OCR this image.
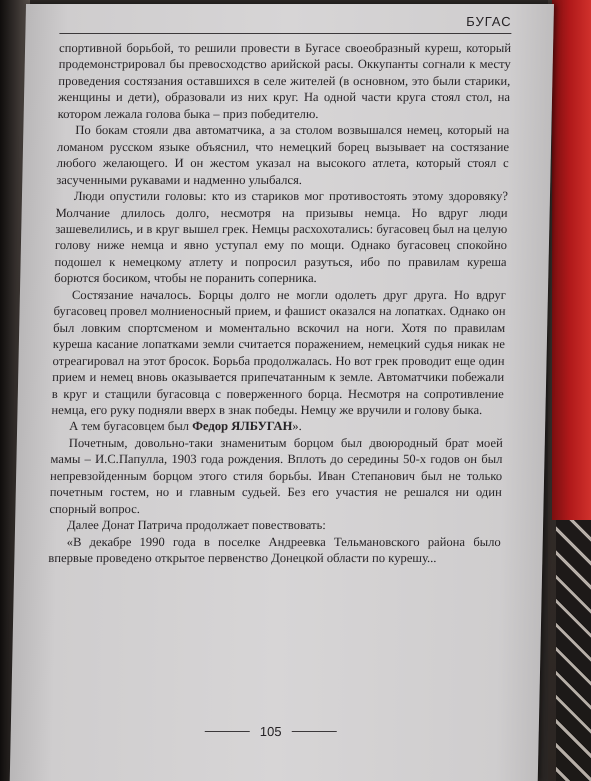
БУГАС

спортивной борьбой, то решили провести в Бугасе своеобразный куреш, который продемонстрировал бы превосходство арийской расы. Оккупанты согнали к месту проведения состязания оставшихся в селе жителей (в основном, это были старики, женщины и дети), образовали из них круг. На одной части круга стоял стол, на котором лежала голова быка – приз победителю.

По бокам стояли два автоматчика, а за столом возвышался немец, который на ломаном русском языке объяснил, что немецкий борец вызывает на состязание любого желающего. И он жестом указал на высокого атлета, который стоял с засученными рукавами и надменно улыбался.

Люди опустили головы: кто из стариков мог противостоять этому здоровяку? Молчание длилось долго, несмотря на призывы немца. Но вдруг люди зашевелились, и в круг вышел грек. Немцы расхохотались: бугасовец был на целую голову ниже немца и явно уступал ему по мощи. Однако бугасовец спокойно подошел к немецкому атлету и попросил разуться, ибо по правилам куреша борются босиком, чтобы не поранить соперника.

Состязание началось. Борцы долго не могли одолеть друг друга. Но вдруг бугасовец провел молниеносный прием, и фашист оказался на лопатках. Однако он был ловким спортсменом и моментально вскочил на ноги. Хотя по правилам куреша касание лопатками земли считается поражением, немецкий судья никак не отреагировал на этот бросок. Борьба продолжалась. Но вот грек проводит еще один прием и немец вновь оказывается припечатанным к земле. Автоматчики побежали в круг и стащили бугасовца с поверженного борца. Несмотря на сопротивление немца, его руку подняли вверх в знак победы. Немцу же вручили и голову быка.

А тем бугасовцем был Федор ЯЛБУГАН».

Почетным, довольно-таки знаменитым борцом был двоюродный брат моей мамы – И.С.Папулла, 1903 года рождения. Вплоть до середины 50-х годов он был непревзойденным борцом этого стиля борьбы. Иван Степанович был не только почетным гостем, но и главным судьей. Без его участия не решался ни один спорный вопрос.

Далее Донат Патрича продолжает повествовать:

«В декабре 1990 года в поселке Андреевка Тельмановского района было впервые проведено открытое первенство Донецкой области по курешу...

105
